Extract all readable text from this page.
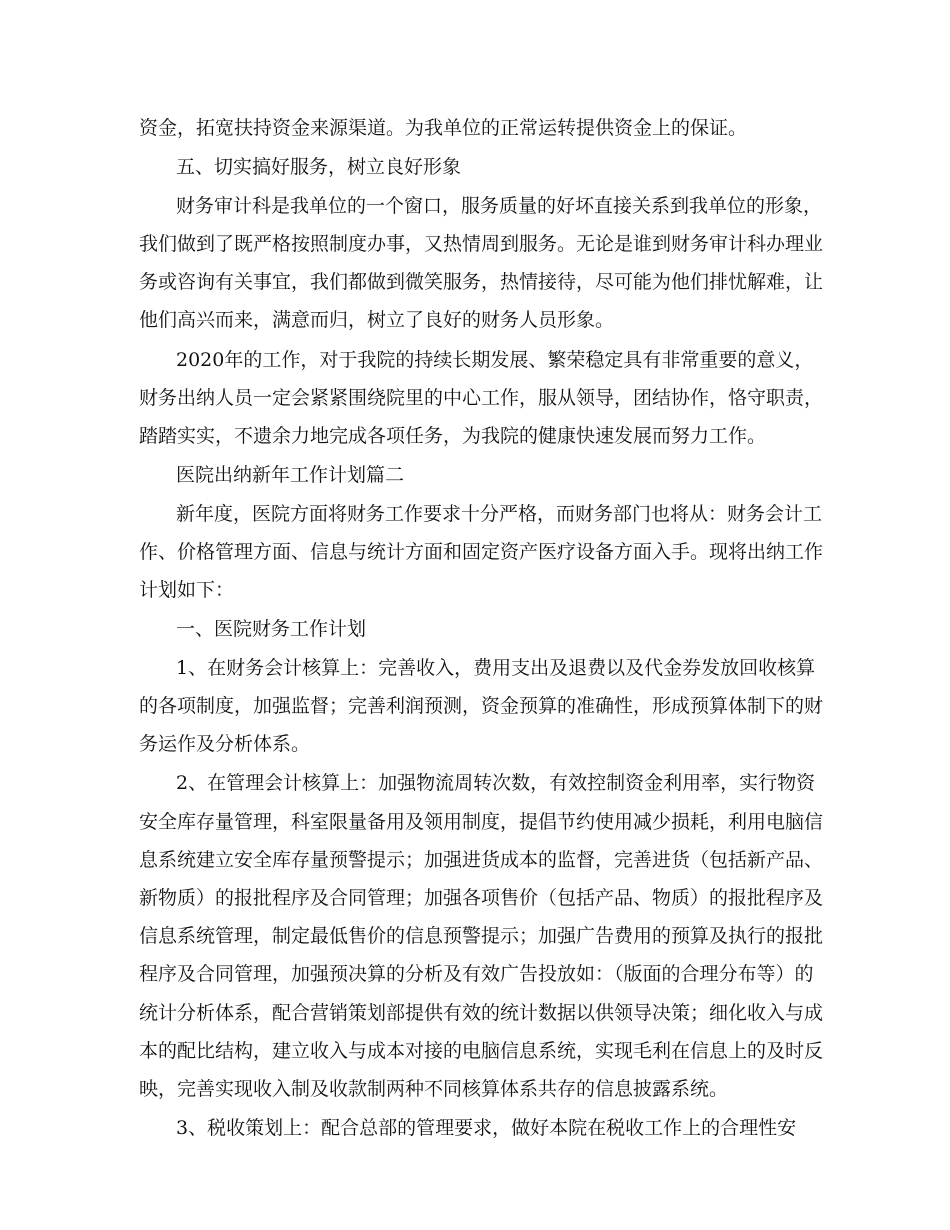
资金，拓宽扶持资金来源渠道。为我单位的正常运转提供资金上的保证。
五、切实搞好服务，树立良好形象
财务审计科是我单位的一个窗口，服务质量的好坏直接关系到我单位的形象，
我们做到了既严格按照制度办事，又热情周到服务。无论是谁到财务审计科办理业
务或咨询有关事宜，我们都做到微笑服务，热情接待，尽可能为他们排忧解难，让
他们高兴而来，满意而归，树立了良好的财务人员形象。
2020年的工作，对于我院的持续长期发展、繁荣稳定具有非常重要的意义，
财务出纳人员一定会紧紧围绕院里的中心工作，服从领导，团结协作，恪守职责，
踏踏实实，不遗余力地完成各项任务，为我院的健康快速发展而努力工作。
医院出纳新年工作计划篇二
新年度，医院方面将财务工作要求十分严格，而财务部门也将从：财务会计工
作、价格管理方面、信息与统计方面和固定资产医疗设备方面入手。现将出纳工作
计划如下：
一、医院财务工作计划
1、在财务会计核算上：完善收入，费用支出及退费以及代金券发放回收核算
的各项制度，加强监督；完善利润预测，资金预算的准确性，形成预算体制下的财
务运作及分析体系。
2、在管理会计核算上：加强物流周转次数，有效控制资金利用率，实行物资
安全库存量管理，科室限量备用及领用制度，提倡节约使用减少损耗，利用电脑信
息系统建立安全库存量预警提示；加强进货成本的监督，完善进货（包括新产品、
新物质）的报批程序及合同管理；加强各项售价（包括产品、物质）的报批程序及
信息系统管理，制定最低售价的信息预警提示；加强广告费用的预算及执行的报批
程序及合同管理，加强预决算的分析及有效广告投放如：（版面的合理分布等）的
统计分析体系，配合营销策划部提供有效的统计数据以供领导决策；细化收入与成
本的配比结构，建立收入与成本对接的电脑信息系统，实现毛利在信息上的及时反
映，完善实现收入制及收款制两种不同核算体系共存的信息披露系统。
3、税收策划上：配合总部的管理要求，做好本院在税收工作上的合理性安
